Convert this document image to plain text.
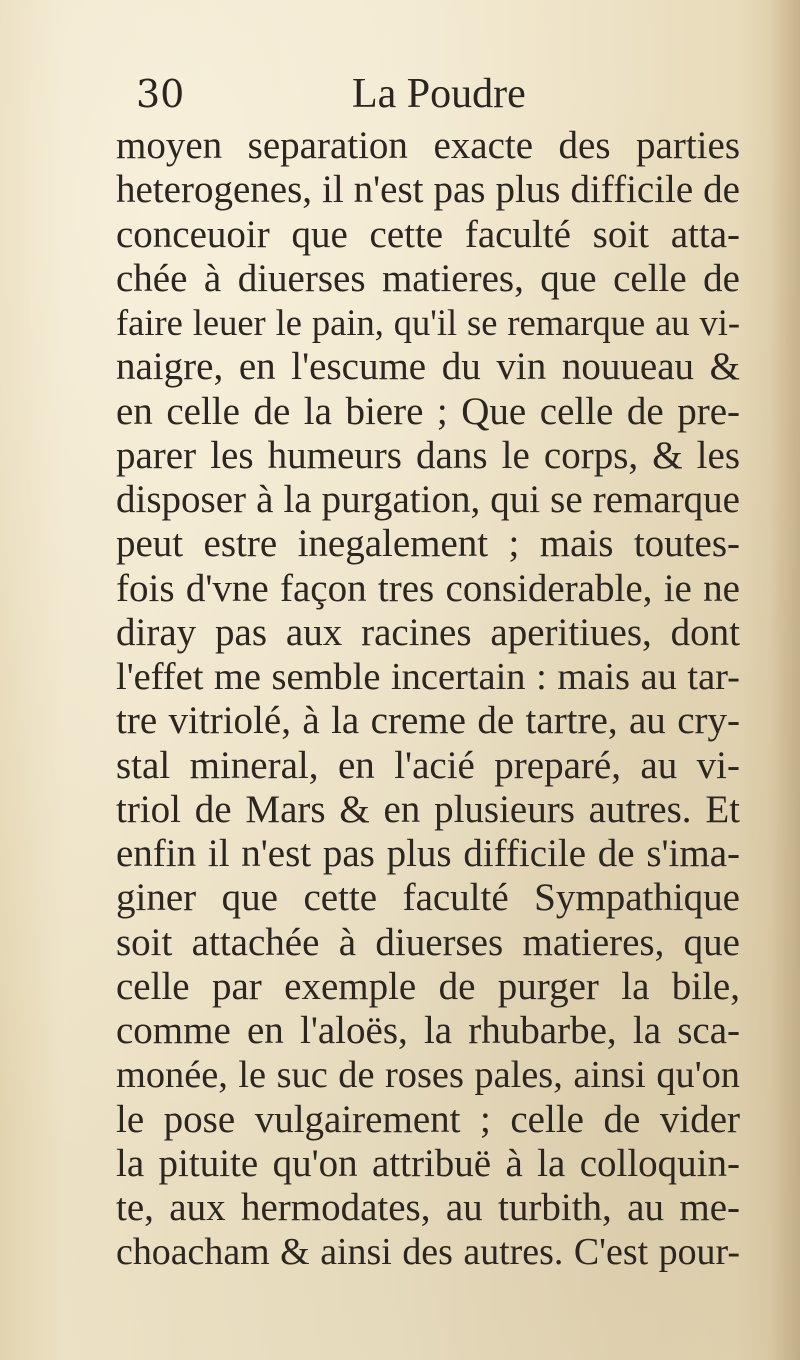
30	La Poudre
moyen separation exacte des parties
heterogenes, il n'est pas plus difficile de
conceuoir que cette faculté soit atta-
chée à diuerses matieres, que celle de
faire leuer le pain, qu'il se remarque au vi-
naigre, en l'escume du vin nouueau &
en celle de la biere ; Que celle de pre-
parer les humeurs dans le corps, & les
disposer à la purgation, qui se remarque
peut estre inegalement ; mais toutes-
fois d'vne façon tres considerable, ie ne
diray pas aux racines aperitiues, dont
l'effet me semble incertain : mais au tar-
tre vitriolé, à la creme de tartre, au cry-
stal mineral, en l'acié preparé, au vi-
triol de Mars & en plusieurs autres. Et
enfin il n'est pas plus difficile de s'ima-
giner que cette faculté Sympathique
soit attachée à diuerses matieres, que
celle par exemple de purger la bile,
comme en l'aloës, la rhubarbe, la sca-
monée, le suc de roses pales, ainsi qu'on
le pose vulgairement ; celle de vider
la pituite qu'on attribuë à la colloquin-
te, aux hermodates, au turbith, au me-
choacham & ainsi des autres. C'est pour-
